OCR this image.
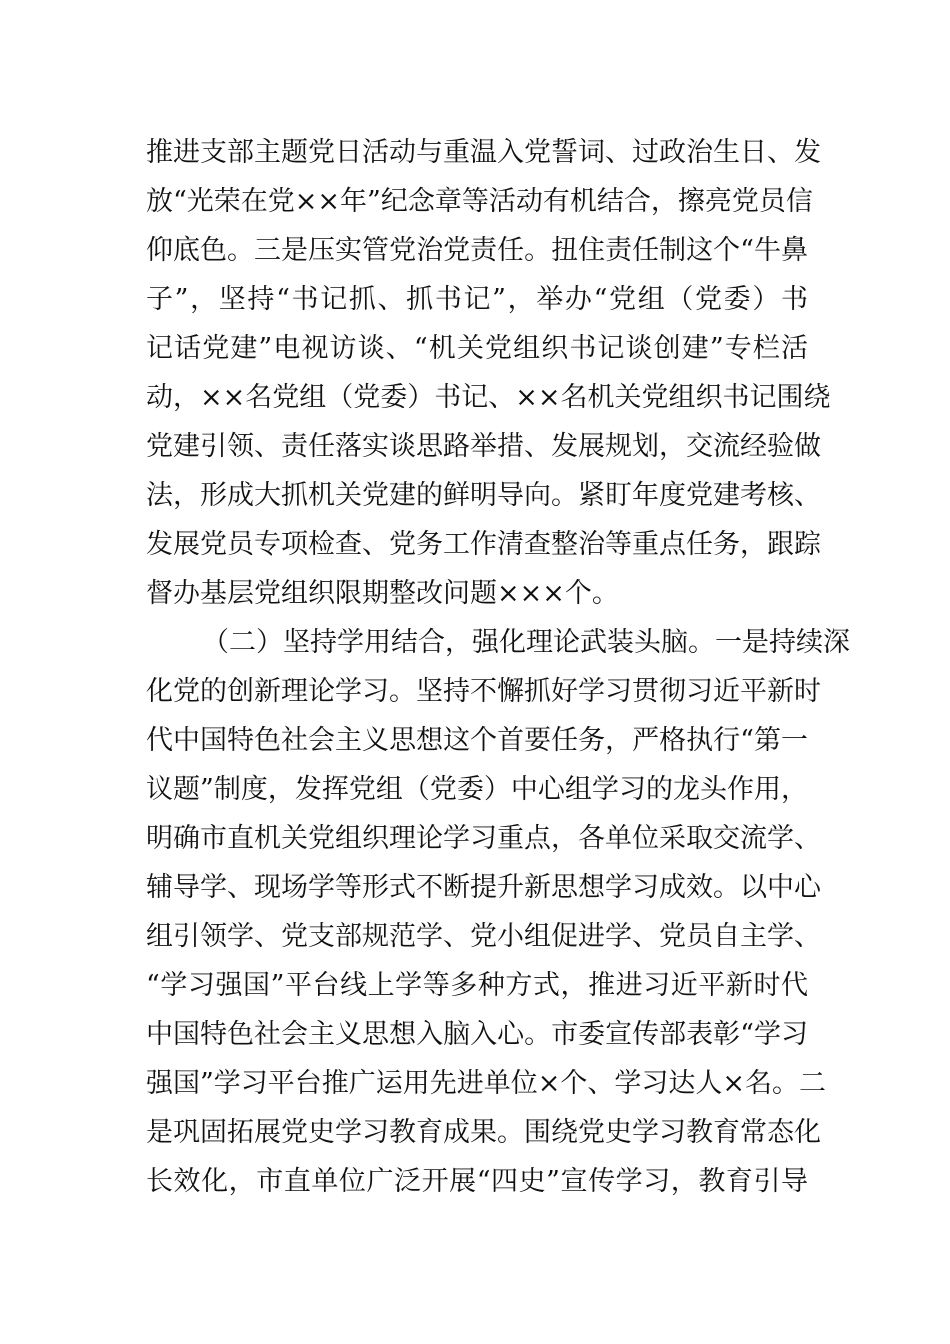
推进支部主题党日活动与重温入党誓词、过政治生日、发
放“光荣在党××年”纪念章等活动有机结合，擦亮党员信
仰底色。三是压实管党治党责任。扭住责任制这个“牛鼻
子”，坚持“书记抓、抓书记”，举办“党组（党委）书
记话党建”电视访谈、“机关党组织书记谈创建”专栏活
动，××名党组（党委）书记、××名机关党组织书记围绕
党建引领、责任落实谈思路举措、发展规划，交流经验做
法，形成大抓机关党建的鲜明导向。紧盯年度党建考核、
发展党员专项检查、党务工作清查整治等重点任务，跟踪
督办基层党组织限期整改问题×××个。
（二）坚持学用结合，强化理论武装头脑。一是持续深
化党的创新理论学习。坚持不懈抓好学习贯彻习近平新时
代中国特色社会主义思想这个首要任务，严格执行“第一
议题”制度，发挥党组（党委）中心组学习的龙头作用，
明确市直机关党组织理论学习重点，各单位采取交流学、
辅导学、现场学等形式不断提升新思想学习成效。以中心
组引领学、党支部规范学、党小组促进学、党员自主学、
“学习强国”平台线上学等多种方式，推进习近平新时代
中国特色社会主义思想入脑入心。市委宣传部表彰“学习
强国”学习平台推广运用先进单位×个、学习达人×名。二
是巩固拓展党史学习教育成果。围绕党史学习教育常态化
长效化，市直单位广泛开展“四史”宣传学习，教育引导
